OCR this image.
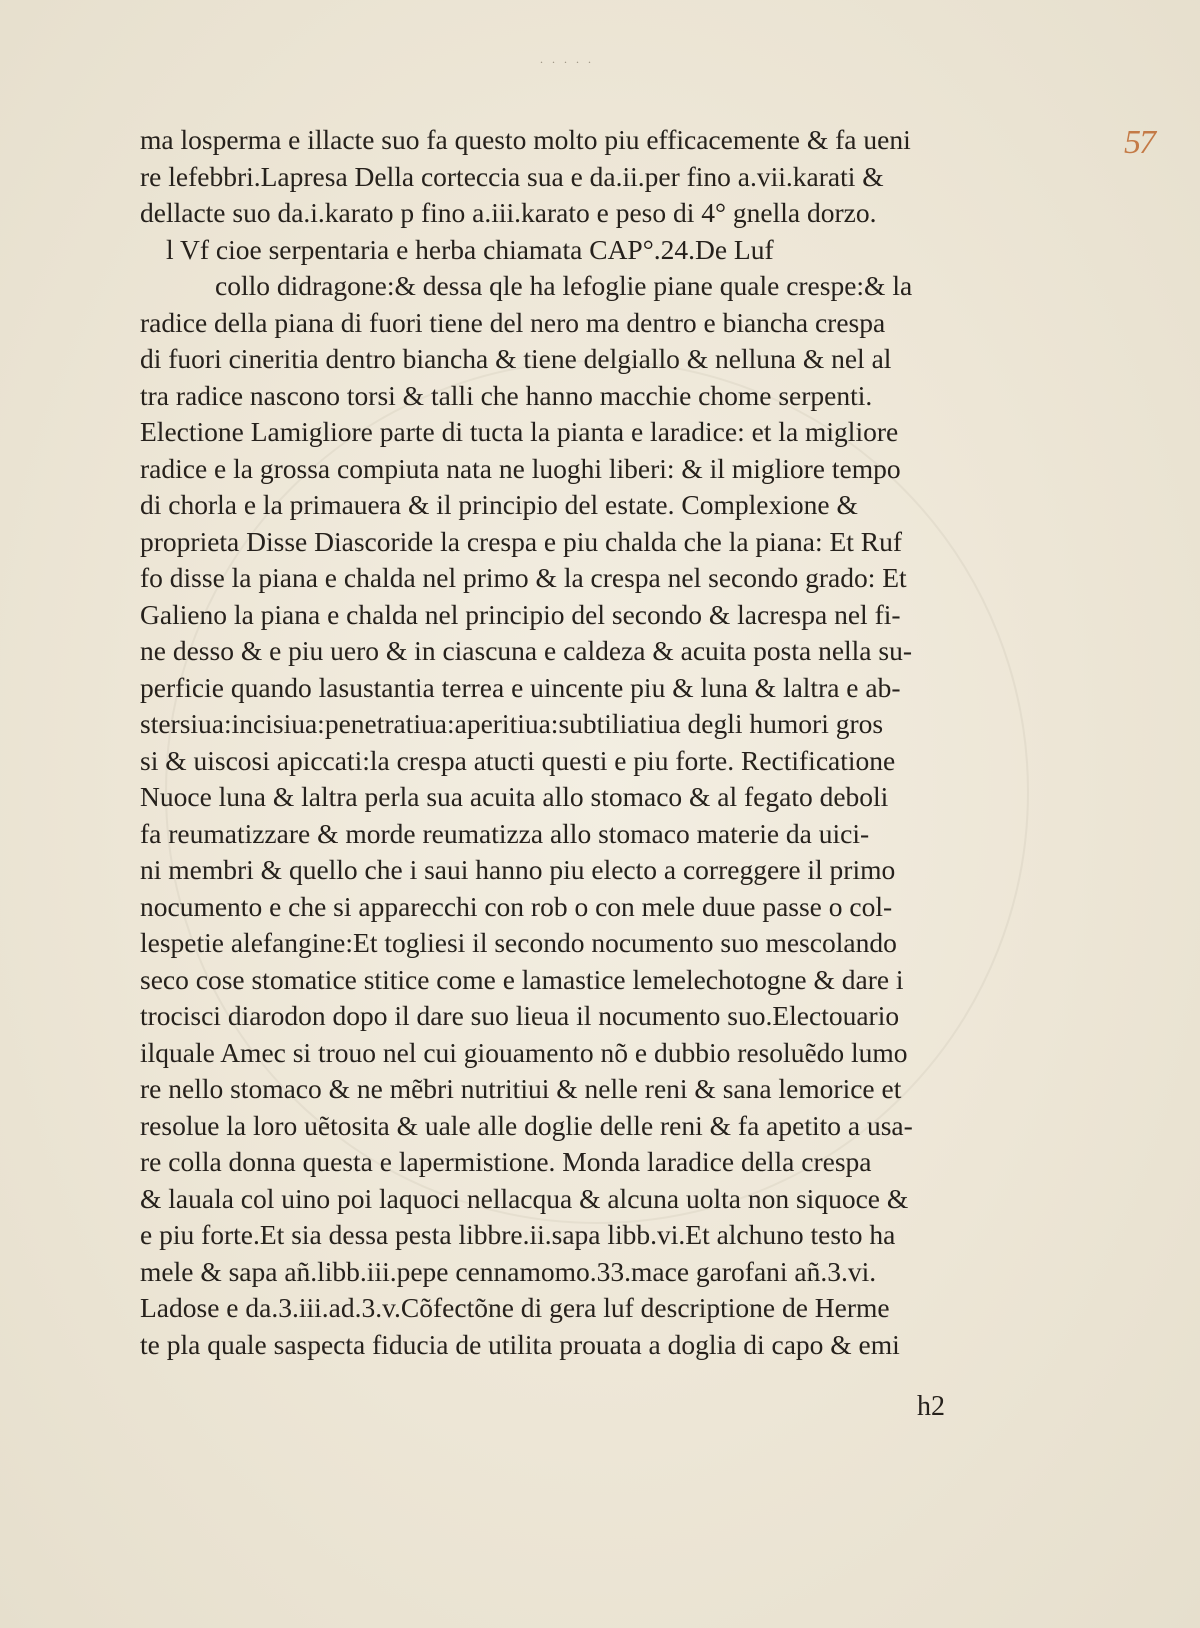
. . . . .
57
ma losperma e illacte suo fa questo molto piu efficacemente & fa ueni
re lefebbri.Lapresa Della corteccia sua e da.ii.per fino a.vii.karati &
dellacte suo da.i.karato p fino a.iii.karato e peso di 4° gnella dorzo.
l Vf cioe serpentaria e herba chiamata CAP°.24.De Luf
collo didragone:& dessa qle ha lefoglie piane quale crespe:& la
radice della piana di fuori tiene del nero ma dentro e biancha crespa
di fuori cineritia dentro biancha & tiene delgiallo & nelluna & nel al
tra radice nascono torsi & talli che hanno macchie chome serpenti.
Electione Lamigliore parte di tucta la pianta e laradice: et la migliore
radice e la grossa compiuta nata ne luoghi liberi: & il migliore tempo
di chorla e la primauera & il principio del estate. Complexione &
proprieta Disse Diascoride la crespa e piu chalda che la piana: Et Ruf
fo disse la piana e chalda nel primo & la crespa nel secondo grado: Et
Galieno la piana e chalda nel principio del secondo & lacrespa nel fi-
ne desso & e piu uero & in ciascuna e caldeza & acuita posta nella su-
perficie quando lasustantia terrea e uincente piu & luna & laltra e ab-
stersiua:incisiua:penetratiua:aperitiua:subtiliatiua degli humori gros
si & uiscosi apiccati:la crespa atucti questi e piu forte. Rectificatione
Nuoce luna & laltra perla sua acuita allo stomaco & al fegato deboli
fa reumatizzare & morde reumatizza allo stomaco materie da uici-
ni membri & quello che i saui hanno piu electo a correggere il primo
nocumento e che si apparecchi con rob o con mele duue passe o col-
lespetie alefangine:Et togliesi il secondo nocumento suo mescolando
seco cose stomatice stitice come e lamastice lemelechotogne & dare i
trocisci diarodon dopo il dare suo lieua il nocumento suo.Electouario
ilquale Amec si trouo nel cui giouamento nõ e dubbio resoluẽdo lumo
re nello stomaco & ne mẽbri nutritiui & nelle reni & sana lemorice et
resolue la loro uẽtosita & uale alle doglie delle reni & fa apetito a usa-
re colla donna questa e lapermistione. Monda laradice della crespa
& lauala col uino poi laquoci nellacqua & alcuna uolta non siquoce &
e piu forte.Et sia dessa pesta libbre.ii.sapa libb.vi.Et alchuno testo ha
mele & sapa añ.libb.iii.pepe cennamomo.33.mace garofani añ.3.vi.
Ladose e da.3.iii.ad.3.v.Cõfectõne di gera luf descriptione de Herme
te pla quale saspecta fiducia de utilita prouata a doglia di capo & emi
h2
